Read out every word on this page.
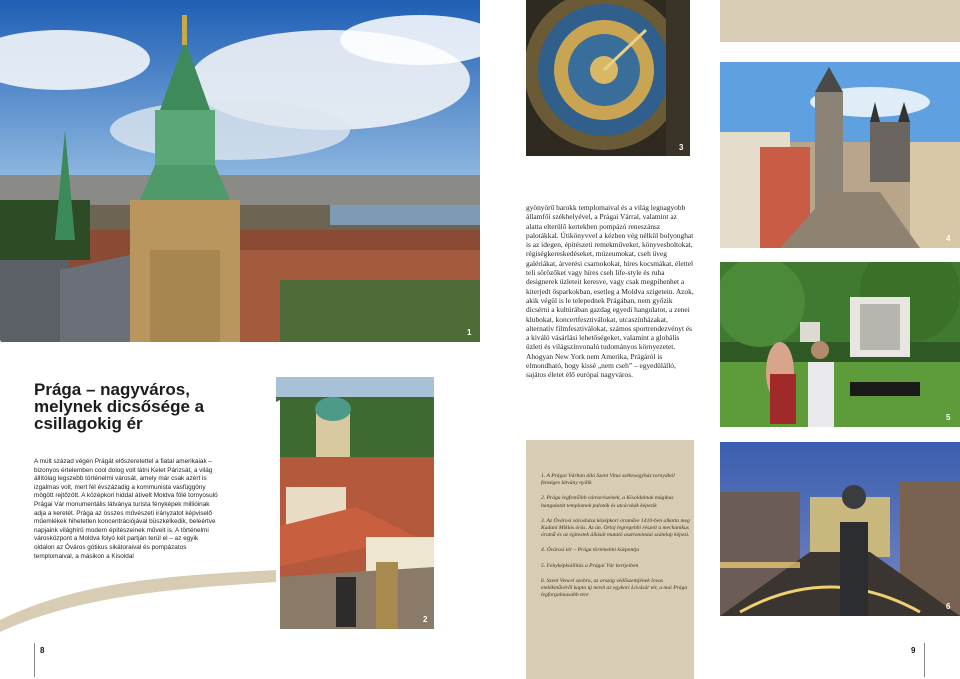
1
3
4
5
6
2
Prága – nagyváros, melynek dicsősége a csillagokig ér

A múlt század végén Prágát előszeretettel a fiatal amerikaiak – bizonyos értelemben cool dolog volt látni Kelet Párizsát, a világ állítólag legszebb történelmi városát, amely már csak azért is izgalmas volt, mert fél évszázadig a kommunista vasfüggöny mögött rejtőzött. A középkori hiddal átívelt Moldva fölé tornyosuló Prágai Vár monumentális látványa turista fényképek millióinak adja a keretét. Prága az összes művészeti irányzatot képviselő műemlékek hihetetlen koncentrációjával büszkélkedik, beleértve napjaink világhírű modern építészeinek műveit is. A történelmi városközpont a Moldva folyó két partján terül el – az egyik oldalon az Óváros gótikus sikátoraival és pompázatos templomaival, a másikon a Kisoldal

gyönyörű barokk templomaival és a világ legnagyobb államfői székhelyével, a Prágai Várral, valamint az alatta elterülő kertekben pompázó reneszánsz palotákkal. Útikönyvvel a kézben vég nélkül bolyonghat is az idegen, építészeti remekműveket, könyvesboltokat, régiségkereskedéseket, múzeumokat, cseh üveg galériákat, árverési csarnokokat, híres kocsmákat, élettel teli sörözőket vagy híres cseh life-style és ruha designerek üzleteit keresve, vagy csak megpihenhet a kiterjedt ősparkokban, esetleg a Moldva szigetein. Azok, akik végül is le telepednek Prágában, nem győzik dicsérni a kultúrában gazdag egyedi hangulatot, a zenei klubokat, koncertfesztiválokat, utcaszínházakat, alternatív filmfesztiválokat, számos sportrendezvényt és a kiváló vásárlási lehetőségeket, valamint a globális üzleti és világszínvonalú tudományos környezetet. Ahogyan New York nem Amerika, Prágáról is elmondható, hogy kissé „nem cseh” – egyedülálló, sajátos életet élő európai nagyváros.

1. A Prágai Várban álló Szent Vitus székesegyház tornyából fenséges látvány nyílik
2. Prága legfestőibb városrészének, a Kisoldalnak mágikus hangulatát templomok paloták és utcácskák képezik
3. Az Óvárosi városháza középkori óraműve 1410-ben alkotta meg Kadani Miklós órás. Az ún. Orloj legrégebbi részeit a mechanikus óramű és az égitestek állását mutató asztronómiai számlap képezi.
4. Óvárosi tér – Prága történelmi központja
5. Fényképkiállítás a Prágai Vár kertjeiben
6. Szent Vencel szobra, az ország védőszentjének lovas emlékművéről kapta új nevét az egykori Lóvásár tér, a mai Prága legforgalmasabb tere
8	9
